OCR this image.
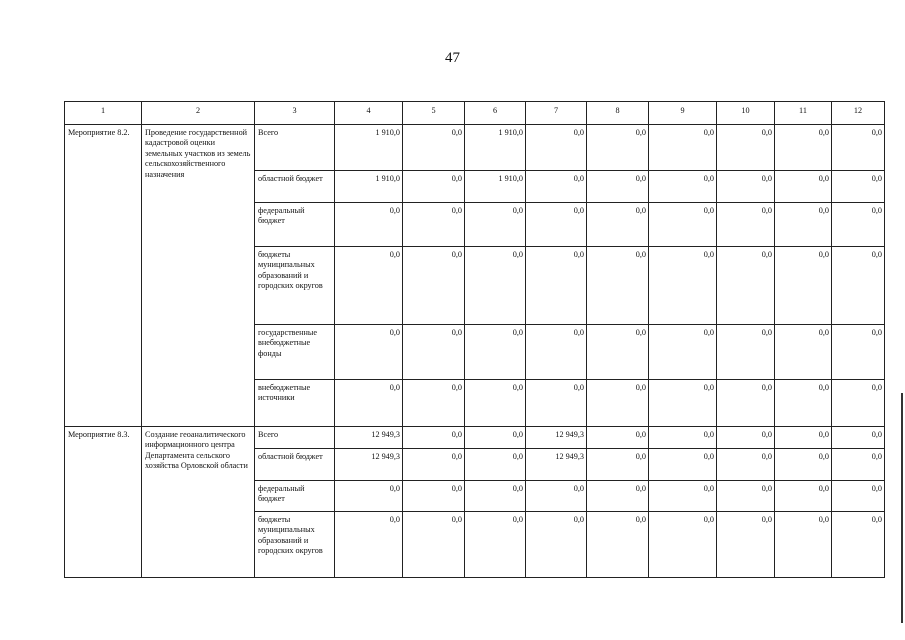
47
1	2	3	4	5	6	7	8	9	10	11	12
Мероприятие 8.2.	Проведение государственной кадастровой оценки земельных участков из земель сельскохозяйственного назначения	Всего	1 910,0	0,0	1 910,0	0,0	0,0	0,0	0,0	0,0	0,0
		областной бюджет	1 910,0	0,0	1 910,0	0,0	0,0	0,0	0,0	0,0	0,0
		федеральный бюджет	0,0	0,0	0,0	0,0	0,0	0,0	0,0	0,0	0,0
		бюджеты муниципальных образований и городских округов	0,0	0,0	0,0	0,0	0,0	0,0	0,0	0,0	0,0
		государственные внебюджетные фонды	0,0	0,0	0,0	0,0	0,0	0,0	0,0	0,0	0,0
		внебюджетные источники	0,0	0,0	0,0	0,0	0,0	0,0	0,0	0,0	0,0
Мероприятие 8.3.	Создание геоаналитического информационного центра Департамента сельского хозяйства Орловской области	Всего	12 949,3	0,0	0,0	12 949,3	0,0	0,0	0,0	0,0	0,0
		областной бюджет	12 949,3	0,0	0,0	12 949,3	0,0	0,0	0,0	0,0	0,0
		федеральный бюджет	0,0	0,0	0,0	0,0	0,0	0,0	0,0	0,0	0,0
		бюджеты муниципальных образований и городских округов	0,0	0,0	0,0	0,0	0,0	0,0	0,0	0,0	0,0
